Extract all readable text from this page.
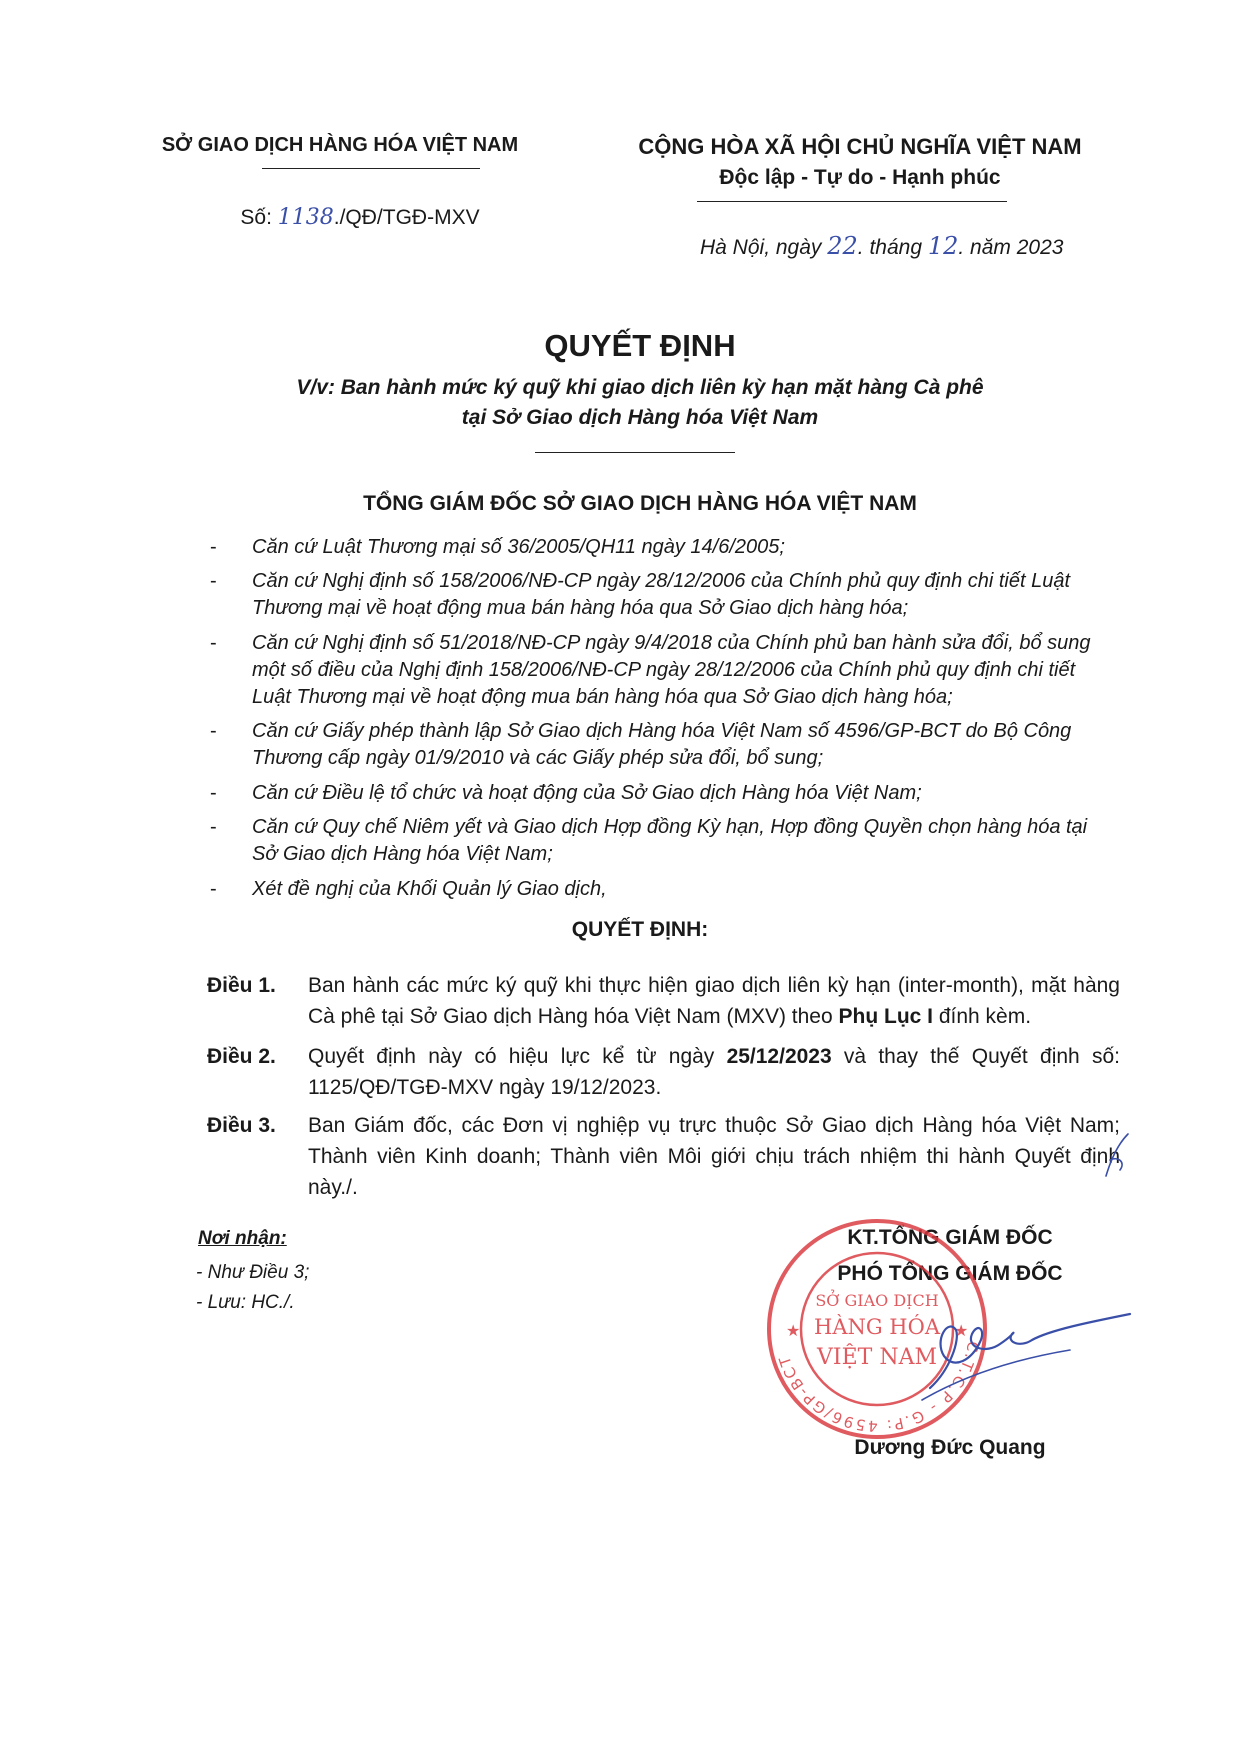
SỞ GIAO DỊCH HÀNG HÓA VIỆT NAM
Số: 1138./QĐ/TGĐ-MXV
CỘNG HÒA XÃ HỘI CHỦ NGHĨA VIỆT NAM
Độc lập - Tự do - Hạnh phúc
Hà Nội, ngày 22. tháng 12. năm 2023
QUYẾT ĐỊNH
V/v: Ban hành mức ký quỹ khi giao dịch liên kỳ hạn mặt hàng Cà phê
tại Sở Giao dịch Hàng hóa Việt Nam
TỔNG GIÁM ĐỐC SỞ GIAO DỊCH HÀNG HÓA VIỆT NAM
- Căn cứ Luật Thương mại số 36/2005/QH11 ngày 14/6/2005;
- Căn cứ Nghị định số 158/2006/NĐ-CP ngày 28/12/2006 của Chính phủ quy định chi tiết Luật
Thương mại về hoạt động mua bán hàng hóa qua Sở Giao dịch hàng hóa;
- Căn cứ Nghị định số 51/2018/NĐ-CP ngày 9/4/2018 của Chính phủ ban hành sửa đổi, bổ sung
một số điều của Nghị định 158/2006/NĐ-CP ngày 28/12/2006 của Chính phủ quy định chi tiết
Luật Thương mại về hoạt động mua bán hàng hóa qua Sở Giao dịch hàng hóa;
- Căn cứ Giấy phép thành lập Sở Giao dịch Hàng hóa Việt Nam số 4596/GP-BCT do Bộ Công
Thương cấp ngày 01/9/2010 và các Giấy phép sửa đổi, bổ sung;
- Căn cứ Điều lệ tổ chức và hoạt động của Sở Giao dịch Hàng hóa Việt Nam;
- Căn cứ Quy chế Niêm yết và Giao dịch Hợp đồng Kỳ hạn, Hợp đồng Quyền chọn hàng hóa tại
Sở Giao dịch Hàng hóa Việt Nam;
- Xét đề nghị của Khối Quản lý Giao dịch,
QUYẾT ĐỊNH:
Điều 1. Ban hành các mức ký quỹ khi thực hiện giao dịch liên kỳ hạn (inter-month), mặt hàng Cà phê tại Sở Giao dịch Hàng hóa Việt Nam (MXV) theo Phụ Lục I đính kèm.
Điều 2. Quyết định này có hiệu lực kể từ ngày 25/12/2023 và thay thế Quyết định số: 1125/QĐ/TGĐ-MXV ngày 19/12/2023.
Điều 3. Ban Giám đốc, các Đơn vị nghiệp vụ trực thuộc Sở Giao dịch Hàng hóa Việt Nam; Thành viên Kinh doanh; Thành viên Môi giới chịu trách nhiệm thi hành Quyết định này./.
Nơi nhận:
- Như Điều 3;
- Lưu: HC./.
KT.TỔNG GIÁM ĐỐC
PHÓ TỔNG GIÁM ĐỐC
C.T.C.P - G.P: 4596/GP-BCT
SỞ GIAO DỊCH
HÀNG HÓA
VIỆT NAM
★	★
Dương Đức Quang
